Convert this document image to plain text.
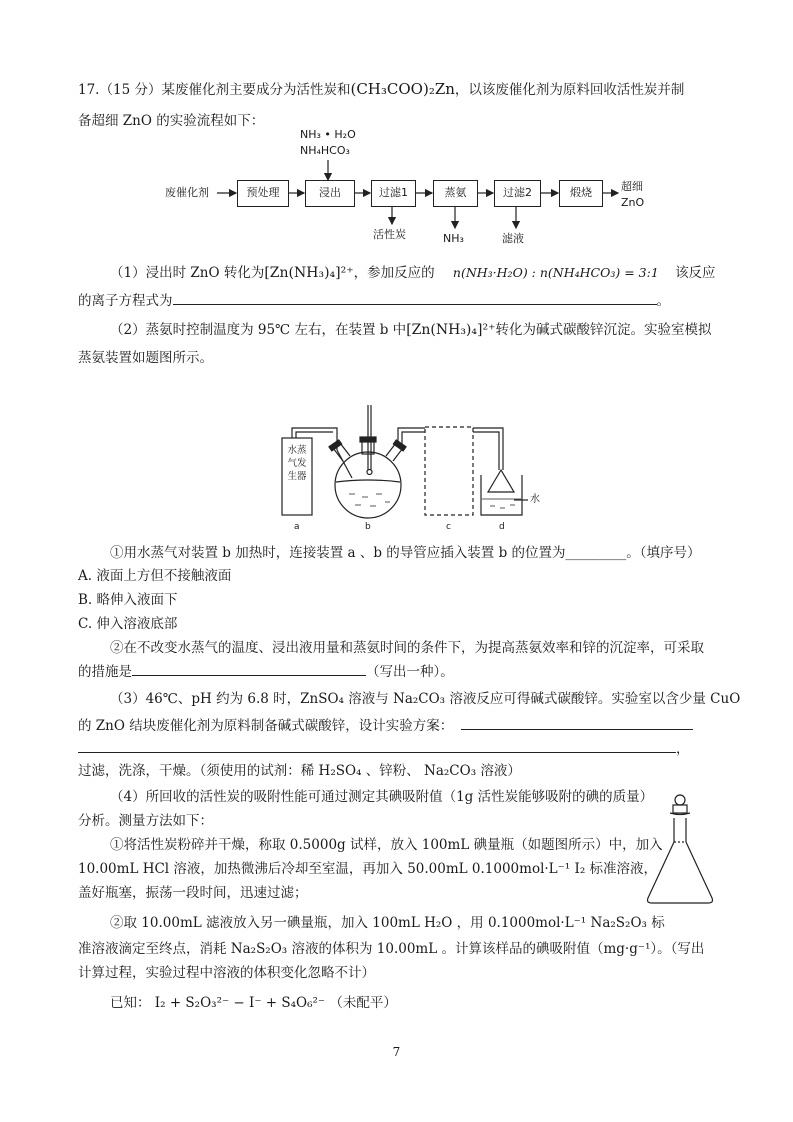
17.（15 分）某废催化剂主要成分为活性炭和(CH₃COO)₂Zn，以该废催化剂为原料回收活性炭并制
备超细 ZnO 的实验流程如下：
NH₃ • H₂O
NH₄HCO₃
废催化剂	预处理	浸出	过滤1	蒸氨	过滤2	煅烧	超细
ZnO
活性炭	NH₃	滤液
（1）浸出时 ZnO 转化为[Zn(NH₃)₄]²⁺，参加反应的 n(NH₃·H₂O) : n(NH₄HCO₃) = 3:1 该反应
的离子方程式为	。
（2）蒸氨时控制温度为 95℃ 左右，在装置 b 中[Zn(NH₃)₄]²⁺转化为碱式碳酸锌沉淀。实验室模拟
蒸氨装置如题图所示。
水蒸气发生器
a	b	c	d
水
①用水蒸气对装置 b 加热时，连接装置 a 、b 的导管应插入装置 b 的位置为_________。（填序号）
A. 液面上方但不接触液面
B. 略伸入液面下
C. 伸入溶液底部
②在不改变水蒸气的温度、浸出液用量和蒸氨时间的条件下，为提高蒸氨效率和锌的沉淀率，可采取
的措施是	（写出一种）。
（3）46℃、pH 约为 6.8 时，ZnSO₄ 溶液与 Na₂CO₃ 溶液反应可得碱式碳酸锌。实验室以含少量 CuO
的 ZnO 结块废催化剂为原料制备碱式碳酸锌，设计实验方案：
，
过滤，洗涤，干燥。（须使用的试剂：稀 H₂SO₄ 、锌粉、 Na₂CO₃ 溶液）
（4）所回收的活性炭的吸附性能可通过测定其碘吸附值（1g 活性炭能够吸附的碘的质量）
分析。测量方法如下：
①将活性炭粉碎并干燥，称取 0.5000g 试样，放入 100mL 碘量瓶（如题图所示）中，加入
10.00mL HCl 溶液，加热微沸后冷却至室温，再加入 50.00mL 0.1000mol·L⁻¹ I₂ 标准溶液，
盖好瓶塞，振荡一段时间，迅速过滤；
②取 10.00mL 滤液放入另一碘量瓶，加入 100mL H₂O ，用 0.1000mol·L⁻¹ Na₂S₂O₃ 标
准溶液滴定至终点，消耗 Na₂S₂O₃ 溶液的体积为 10.00mL 。计算该样品的碘吸附值（mg·g⁻¹）。（写出
计算过程，实验过程中溶液的体积变化忽略不计）
已知： I₂ + S₂O₃²⁻ − I⁻ + S₄O₆²⁻ （未配平）
7
